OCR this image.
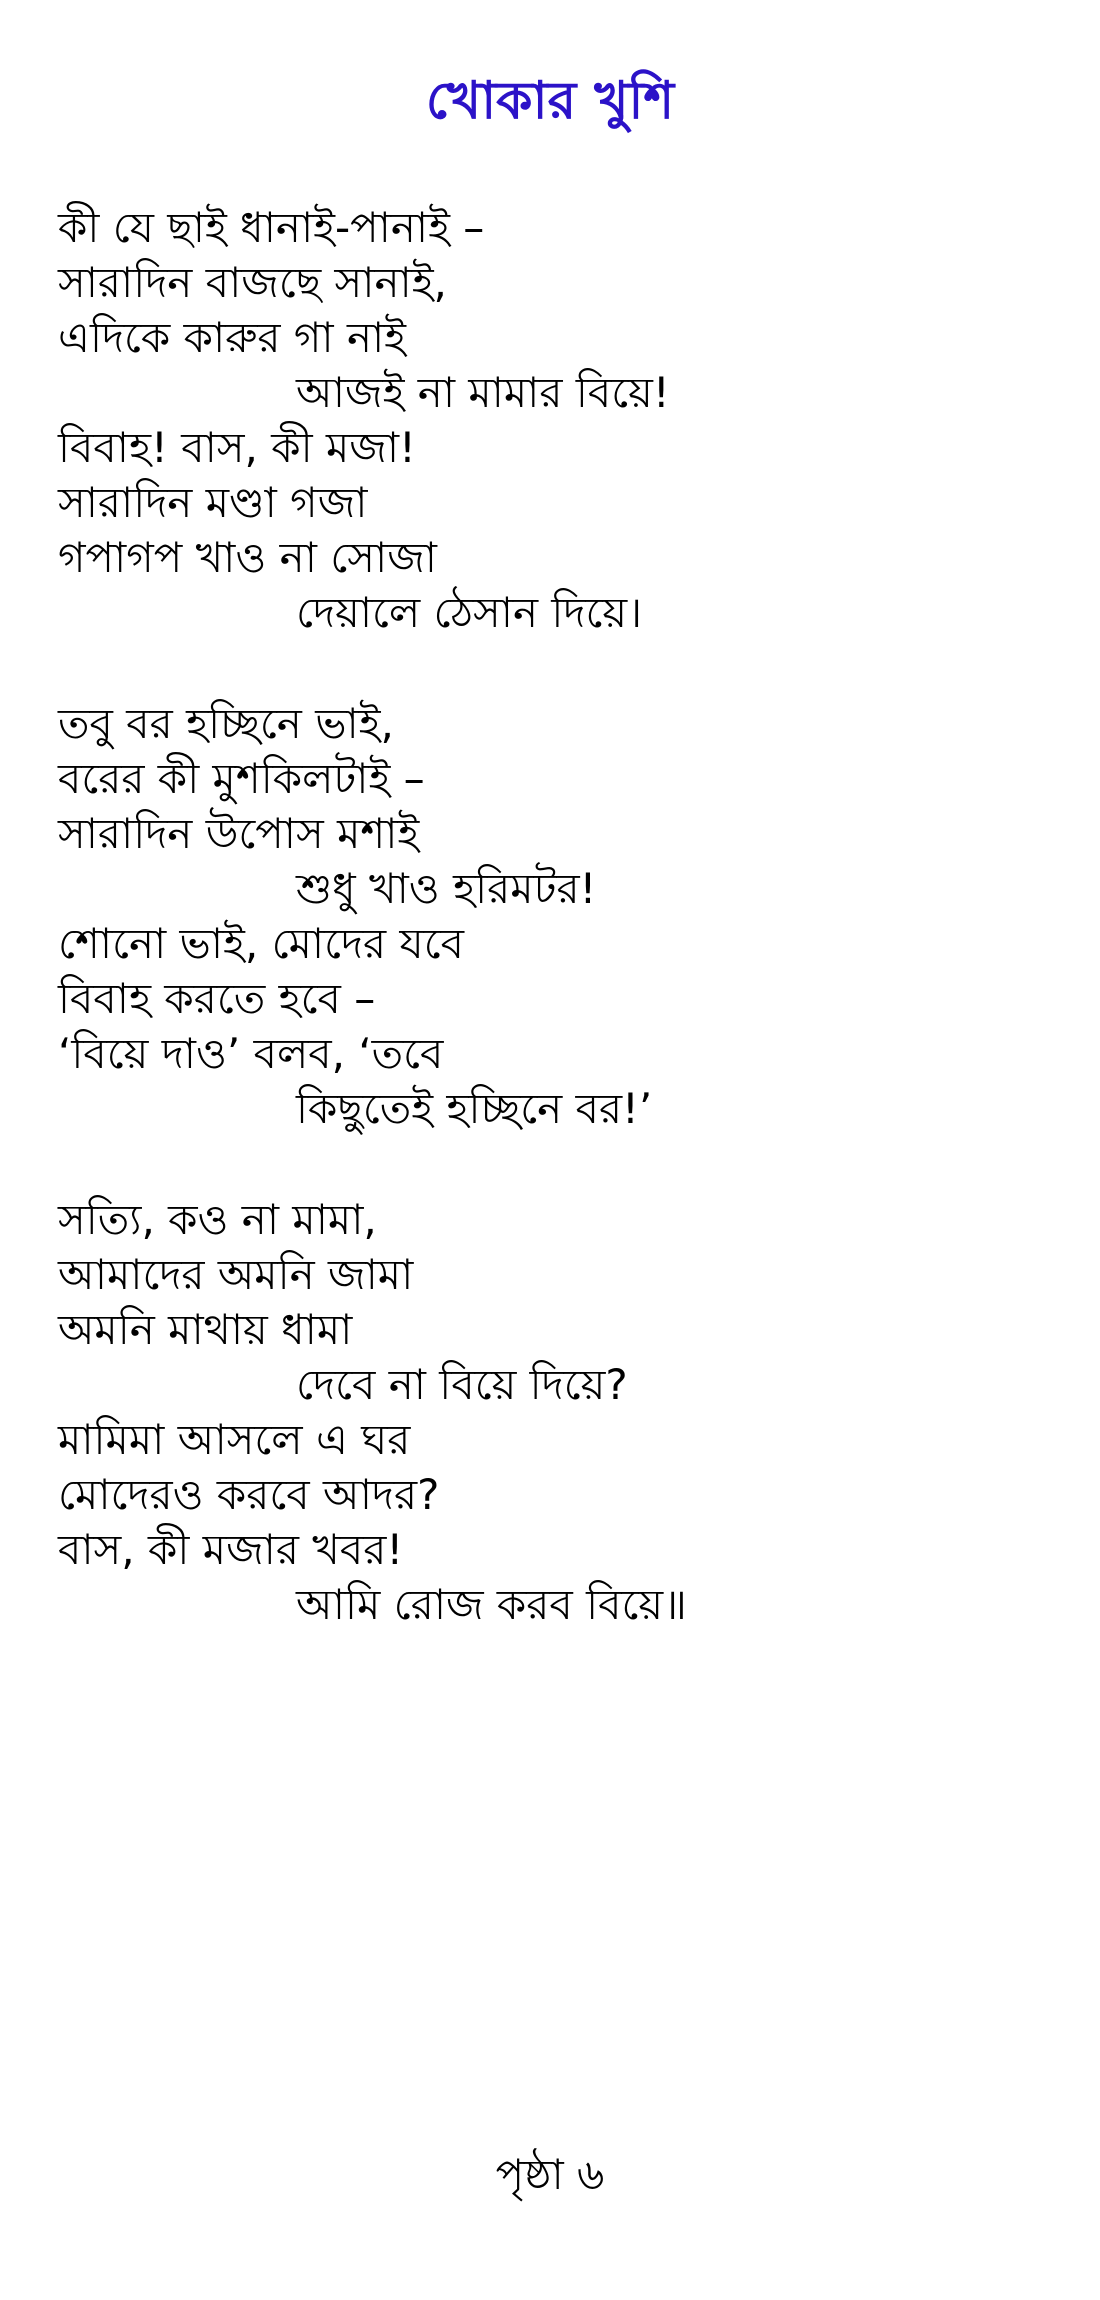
খোকার খুশি
কী যে ছাই ধানাই-পানাই –
সারাদিন বাজছে সানাই,
এদিকে কারুর গা নাই
আজই না মামার বিয়ে!
বিবাহ! বাস, কী মজা!
সারাদিন মণ্ডা গজা
গপাগপ খাও না সোজা
দেয়ালে ঠেসান দিয়ে।
তবু বর হচ্ছিনে ভাই,
বরের কী মুশকিলটাই –
সারাদিন উপোস মশাই
শুধু খাও হরিমটর!
শোনো ভাই, মোদের যবে
বিবাহ করতে হবে –
‘বিয়ে দাও’ বলব, ‘তবে
কিছুতেই হচ্ছিনে বর!’
সত্যি, কও না মামা,
আমাদের অমনি জামা
অমনি মাথায় ধামা
দেবে না বিয়ে দিয়ে?
মামিমা আসলে এ ঘর
মোদেরও করবে আদর?
বাস, কী মজার খবর!
আমি রোজ করব বিয়ে॥
পৃষ্ঠা ৬
